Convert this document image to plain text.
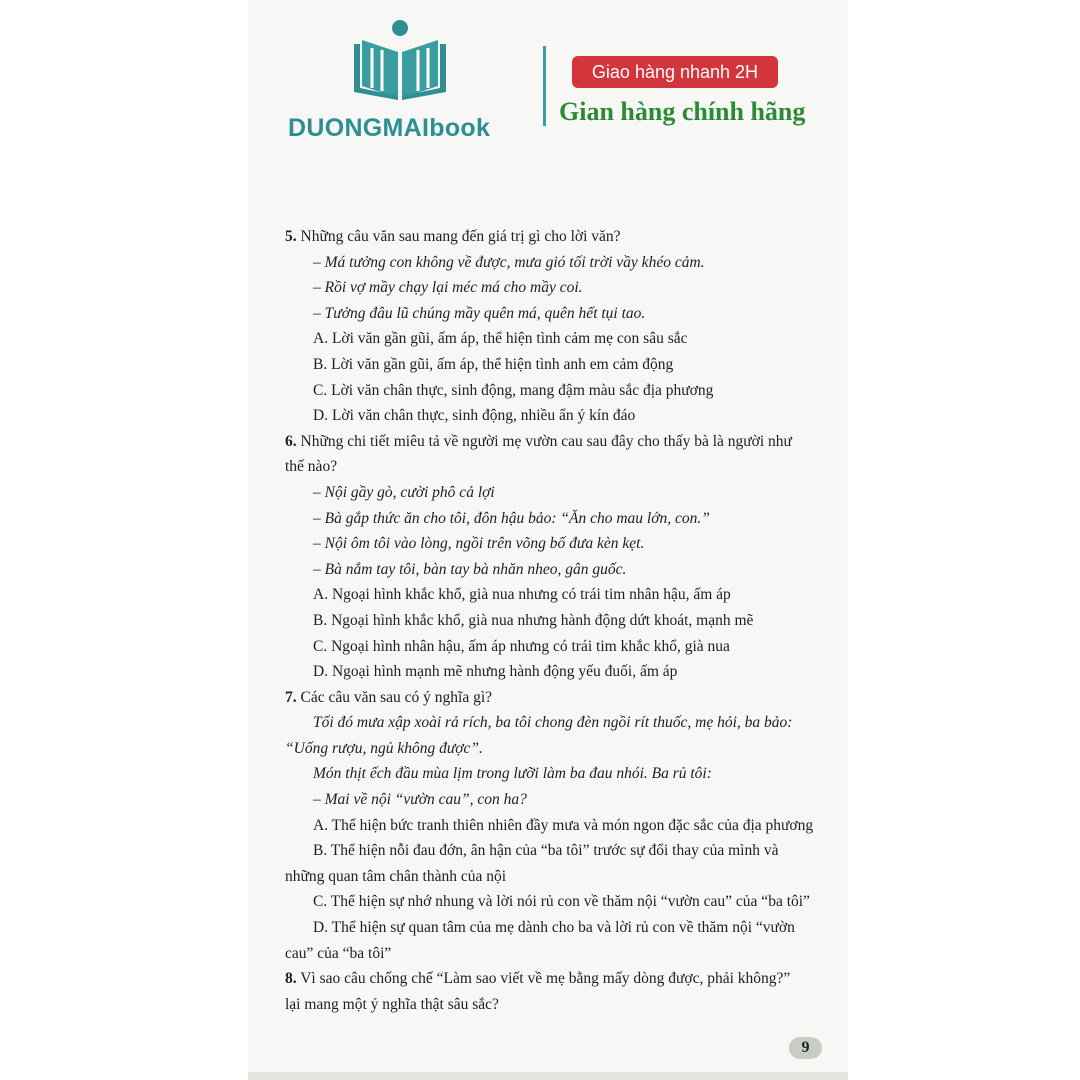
DUONGMAIbook
Giao hàng nhanh 2H
Gian hàng chính hãng
5. Những câu văn sau mang đến giá trị gì cho lời văn?
– Má tưởng con không về được, mưa gió tối trời vầy khéo cảm.
– Rồi vợ mầy chạy lại méc má cho mầy coi.
– Tưởng đâu lũ chúng mầy quên má, quên hết tụi tao.
A. Lời văn gần gũi, ấm áp, thể hiện tình cảm mẹ con sâu sắc
B. Lời văn gần gũi, ấm áp, thể hiện tình anh em cảm động
C. Lời văn chân thực, sinh động, mang đậm màu sắc địa phương
D. Lời văn chân thực, sinh động, nhiều ẩn ý kín đáo
6. Những chi tiết miêu tả về người mẹ vườn cau sau đây cho thấy bà là người như
thế nào?
– Nội gầy gò, cười phô cả lợi
– Bà gắp thức ăn cho tôi, đôn hậu bảo: “Ăn cho mau lớn, con.”
– Nội ôm tôi vào lòng, ngồi trên võng bố đưa kèn kẹt.
– Bà nắm tay tôi, bàn tay bà nhăn nheo, gân guốc.
A. Ngoại hình khắc khổ, già nua nhưng có trái tim nhân hậu, ấm áp
B. Ngoại hình khắc khổ, già nua nhưng hành động dứt khoát, mạnh mẽ
C. Ngoại hình nhân hậu, ấm áp nhưng có trái tim khắc khổ, già nua
D. Ngoại hình mạnh mẽ nhưng hành động yếu đuối, ấm áp
7. Các câu văn sau có ý nghĩa gì?
Tối đó mưa xập xoài rả rích, ba tôi chong đèn ngồi rít thuốc, mẹ hỏi, ba bảo:
“Uống rượu, ngủ không được”.
Món thịt ếch đầu mùa lịm trong lưỡi làm ba đau nhói. Ba rủ tôi:
– Mai về nội “vườn cau”, con ha?
A. Thể hiện bức tranh thiên nhiên đầy mưa và món ngon đặc sắc của địa phương
B. Thể hiện nỗi đau đớn, ân hận của “ba tôi” trước sự đổi thay của mình và
những quan tâm chân thành của nội
C. Thể hiện sự nhớ nhung và lời nói rủ con về thăm nội “vườn cau” của “ba tôi”
D. Thể hiện sự quan tâm của mẹ dành cho ba và lời rủ con về thăm nội “vườn
cau” của “ba tôi”
8. Vì sao câu chống chế “Làm sao viết về mẹ bằng mấy dòng được, phải không?”
lại mang một ý nghĩa thật sâu sắc?
9
